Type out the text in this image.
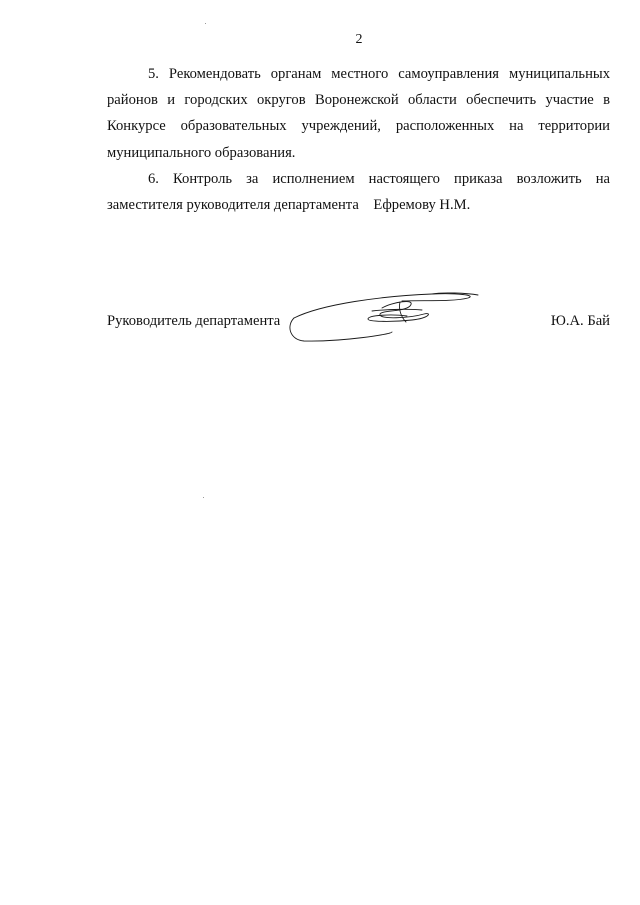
2
5. Рекомендовать органам местного самоуправления муниципальных
районов и городских округов Воронежской области обеспечить участие в
Конкурсе образовательных учреждений, расположенных на территории
муниципального образования.
6. Контроль за исполнением настоящего приказа возложить на
заместителя руководителя департамента    Ефремову Н.М.
Руководитель департамента	Ю.А. Бай
